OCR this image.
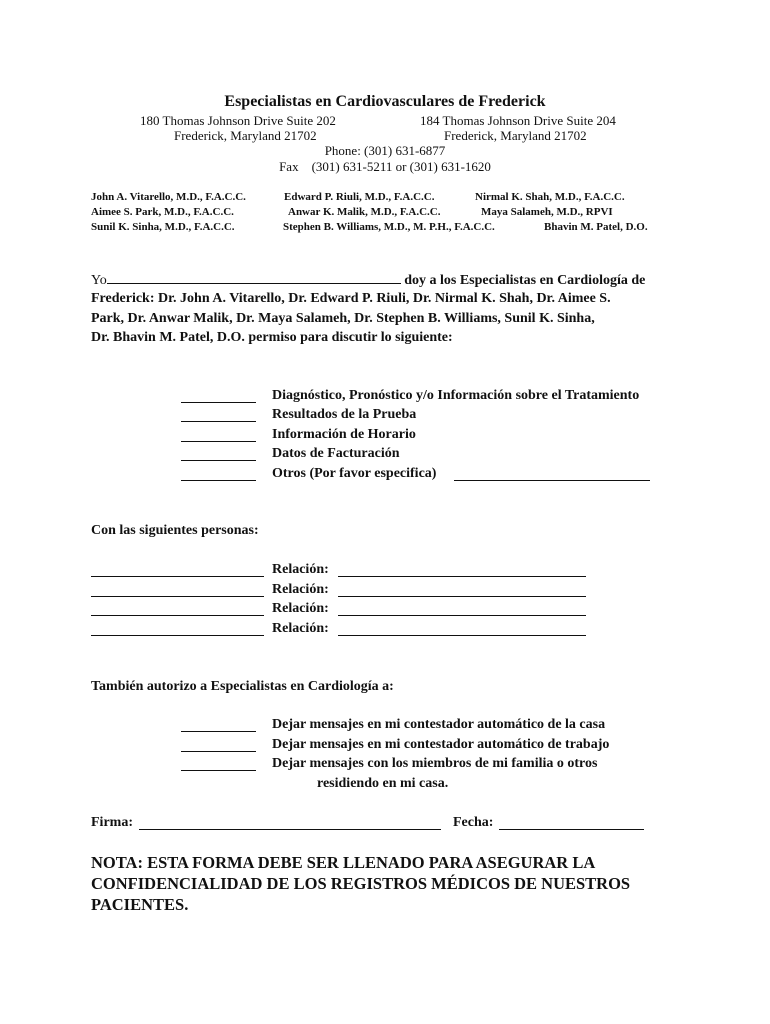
Especialistas en Cardiovasculares de Frederick
180 Thomas Johnson Drive Suite 202
Frederick, Maryland 21702
184 Thomas Johnson Drive Suite 204
Frederick, Maryland 21702
Phone: (301) 631-6877
Fax    (301) 631-5211 or (301) 631-1620
John A. Vitarello, M.D., F.A.C.C.
Aimee S. Park, M.D., F.A.C.C.
Sunil K. Sinha, M.D., F.A.C.C.
Edward P. Riuli, M.D., F.A.C.C.
Anwar K. Malik, M.D., F.A.C.C.
Stephen B. Williams, M.D., M. P.H., F.A.C.C.
Nirmal K. Shah, M.D., F.A.C.C.
Maya Salameh, M.D., RPVI
Bhavin M. Patel, D.O.
Yo	doy a los Especialistas en Cardiología de
Frederick: Dr. John A. Vitarello, Dr. Edward P. Riuli, Dr. Nirmal K. Shah, Dr. Aimee S.
Park, Dr. Anwar Malik, Dr. Maya Salameh, Dr. Stephen B. Williams, Sunil K. Sinha,
Dr. Bhavin M. Patel, D.O. permiso para discutir lo siguiente:
Diagnóstico, Pronóstico y/o Información sobre el Tratamiento
Resultados de la Prueba
Información de Horario
Datos de Facturación
Otros (Por favor especifica)
Con las siguientes personas:
Relación:
Relación:
Relación:
Relación:
También autorizo a Especialistas en Cardiología a:
Dejar mensajes en mi contestador automático de la casa
Dejar mensajes en mi contestador automático de trabajo
Dejar mensajes con los miembros de mi familia o otros
residiendo en mi casa.
Firma:	Fecha:
NOTA: ESTA FORMA DEBE SER LLENADO PARA ASEGURAR LA
CONFIDENCIALIDAD DE LOS REGISTROS MÉDICOS DE NUESTROS
PACIENTES.
